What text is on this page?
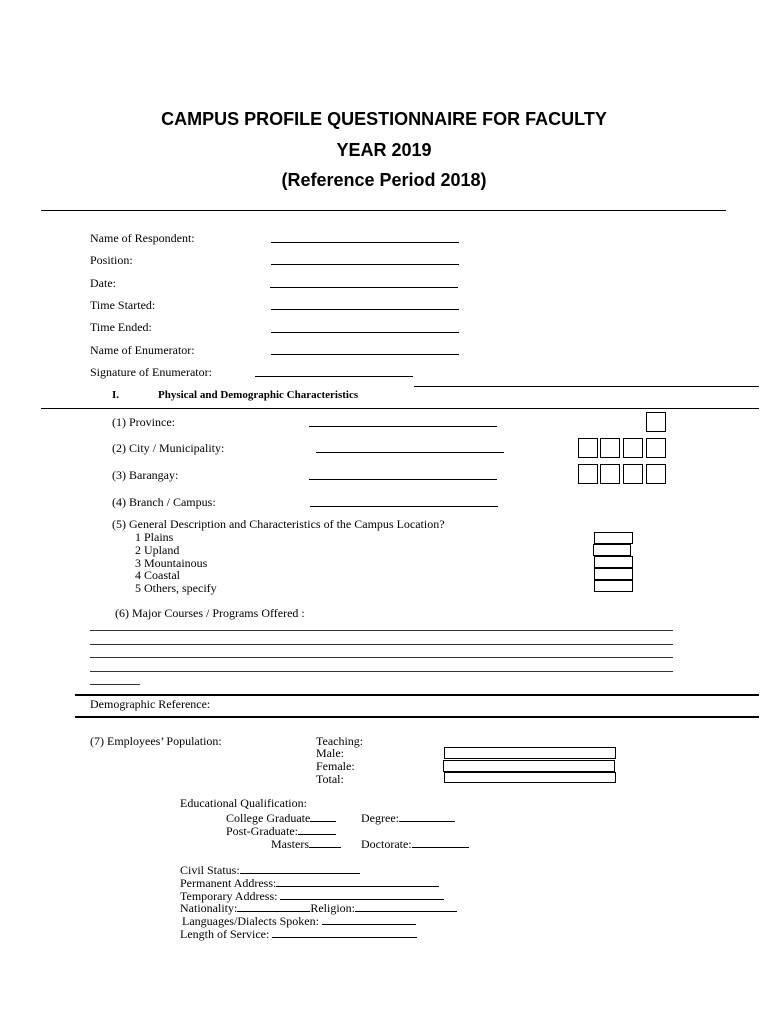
CAMPUS PROFILE QUESTIONNAIRE FOR FACULTY
YEAR 2019
(Reference Period 2018)
Name of Respondent:
Position:
Date:
Time Started:
Time Ended:
Name of Enumerator:
Signature of Enumerator:
I.	Physical and Demographic Characteristics
(1) Province:
(2) City / Municipality:
(3) Barangay:
(4) Branch / Campus:
(5) General Description and Characteristics of the Campus Location?
1 Plains
2 Upland
3 Mountainous
4 Coastal
5 Others, specify
(6) Major Courses / Programs Offered :
Demographic Reference:
(7) Employees’ Population:	Teaching:
Male:
Female:
Total:
Educational Qualification:
College Graduate	Degree:
Post-Graduate:
Masters	Doctorate:
Civil Status:
Permanent Address:
Temporary Address:
Nationality:	Religion:
Languages/Dialects Spoken:
Length of Service:
